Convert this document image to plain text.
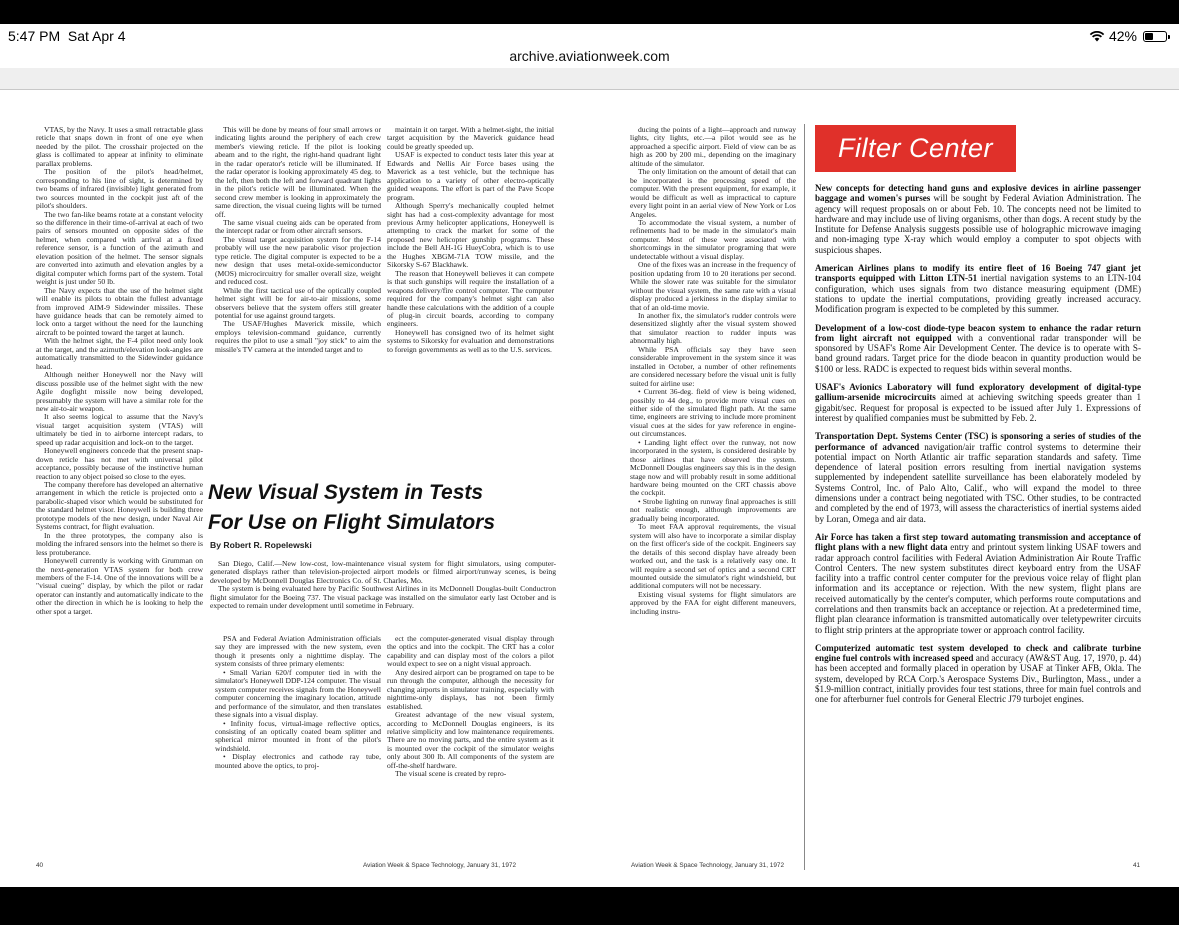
5:47 PM Sat Apr 4	42%
archive.aviationweek.com

VTAS, by the Navy. It uses a small retractable glass reticle that snaps down in front of one eye when needed by the pilot. The crosshair projected on the glass is collimated to appear at infinity to eliminate parallax problems.

The position of the pilot's head/helmet, corresponding to his line of sight, is determined by two beams of infrared (invisible) light generated from two sources mounted in the cockpit just aft of the pilot's shoulders.

The two fan-like beams rotate at a constant velocity so the difference in their time-of-arrival at each of two pairs of sensors mounted on opposite sides of the helmet, when compared with arrival at a fixed reference sensor, is a function of the azimuth and elevation position of the helmet. The sensor signals are converted into azimuth and elevation angles by a digital computer which forms part of the system. Total weight is just under 50 lb.

The Navy expects that the use of the helmet sight will enable its pilots to obtain the fullest advantage from improved AIM-9 Sidewinder missiles. These have guidance heads that can be remotely aimed to lock onto a target without the need for the launching aircraft to be pointed toward the target at launch.

With the helmet sight, the F-4 pilot need only look at the target, and the azimuth/elevation look-angles are automatically transmitted to the Sidewinder guidance head.

Although neither Honeywell nor the Navy will discuss possible use of the helmet sight with the new Agile dogfight missile now being developed, presumably the system will have a similar role for the new air-to-air weapon.

It also seems logical to assume that the Navy's visual target acquisition system (VTAS) will ultimately be tied in to airborne intercept radars, to speed up radar acquisition and lock-on to the target.

Honeywell engineers concede that the present snap-down reticle has not met with universal pilot acceptance, possibly because of the instinctive human reaction to any object poised so close to the eyes.

The company therefore has developed an alternative arrangement in which the reticle is projected onto a parabolic-shaped visor which would be substituted for the standard helmet visor. Honeywell is building three prototype models of the new design, under Naval Air Systems contract, for flight evaluation.

In the three prototypes, the company also is molding the infrared sensors into the helmet so there is less protuberance.

Honeywell currently is working with Grumman on the next-generation VTAS system for both crew members of the F-14. One of the innovations will be a "visual cueing" display, by which the pilot or radar operator can instantly and automatically indicate to the other the direction in which he is looking to help the other spot a target.

This will be done by means of four small arrows or indicating lights around the periphery of each crew member's viewing reticle. If the pilot is looking abeam and to the right, the right-hand quadrant light in the radar operator's reticle will be illuminated. If the radar operator is looking approximately 45 deg. to the left, then both the left and forward quadrant lights in the pilot's reticle will be illuminated. When the second crew member is looking in approximately the same direction, the visual cueing lights will be turned off.

The same visual cueing aids can be operated from the intercept radar or from other aircraft sensors.

The visual target acquisition system for the F-14 probably will use the new parabolic visor projection type reticle. The digital computer is expected to be a new design that uses metal-oxide-semiconductor (MOS) microcircuitry for smaller overall size, weight and reduced cost.

While the first tactical use of the optically coupled helmet sight will be for air-to-air missions, some observers believe that the system offers still greater potential for use against ground targets.

The USAF/Hughes Maverick missile, which employs television-command guidance, currently requires the pilot to use a small "joy stick" to aim the missile's TV camera at the intended target and to

maintain it on target. With a helmet-sight, the initial target acquisition by the Maverick guidance head could be greatly speeded up.

USAF is expected to conduct tests later this year at Edwards and Nellis Air Force bases using the Maverick as a test vehicle, but the technique has application to a variety of other electro-optically guided weapons. The effort is part of the Pave Scope program.

Although Sperry's mechanically coupled helmet sight has had a cost-complexity advantage for most previous Army helicopter applications, Honeywell is attempting to crack the market for some of the proposed new helicopter gunship programs. These include the Bell AH-1G HueyCobra, which is to use the Hughes XBGM-71A TOW missile, and the Sikorsky S-67 Blackhawk.

The reason that Honeywell believes it can compete is that such gunships will require the installation of a weapons delivery/fire control computer. The computer required for the company's helmet sight can also handle these calculations with the addition of a couple of plug-in circuit boards, according to company engineers.

Honeywell has consigned two of its helmet sight systems to Sikorsky for evaluation and demonstrations to foreign governments as well as to the U.S. services.

New Visual System in Tests
For Use on Flight Simulators
By Robert R. Ropelewski

San Diego, Calif.—New low-cost, low-maintenance visual system for flight simulators, using computer-generated displays rather than television-projected airport models or filmed airport/runway scenes, is being developed by McDonnell Douglas Electronics Co. of St. Charles, Mo.

The system is being evaluated here by Pacific Southwest Airlines in its McDonnell Douglas-built Conductron flight simulator for the Boeing 737. The visual package was installed on the simulator early last October and is expected to remain under development until sometime in February.

PSA and Federal Aviation Administration officials say they are impressed with the new system, even though it presents only a nighttime display. The system consists of three primary elements:

• Small Varian 620/f computer tied in with the simulator's Honeywell DDP-124 computer. The visual system computer receives signals from the Honeywell computer concerning the imaginary location, attitude and performance of the simulator, and then translates these signals into a visual display.

• Infinity focus, virtual-image reflective optics, consisting of an optically coated beam splitter and spherical mirror mounted in front of the pilot's windshield.

• Display electronics and cathode ray tube, mounted above the optics, to proj-

ect the computer-generated visual display through the optics and into the cockpit. The CRT has a color capability and can display most of the colors a pilot would expect to see on a night visual approach.

Any desired airport can be programed on tape to be run through the computer, although the necessity for changing airports in simulator training, especially with nighttime-only displays, has not been firmly established.

Greatest advantage of the new visual system, according to McDonnell Douglas engineers, is its relative simplicity and low maintenance requirements. There are no moving parts, and the entire system as it is mounted over the cockpit of the simulator weighs only about 300 lb. All components of the system are off-the-shelf hardware.

The visual scene is created by repro-

ducing the points of a light—approach and runway lights, city lights, etc.—a pilot would see as he approached a specific airport. Field of view can be as high as 200 by 200 mi., depending on the imaginary altitude of the simulator.

The only limitation on the amount of detail that can be incorporated is the processing speed of the computer. With the present equipment, for example, it would be difficult as well as impractical to capture every light point in an aerial view of New York or Los Angeles.

To accommodate the visual system, a number of refinements had to be made in the simulator's main computer. Most of these were associated with shortcomings in the simulator programing that were undetectable without a visual display.

One of the fixes was an increase in the frequency of position updating from 10 to 20 iterations per second. While the slower rate was suitable for the simulator without the visual system, the same rate with a visual display produced a jerkiness in the display similar to that of an old-time movie.

In another fix, the simulator's rudder controls were desensitized slightly after the visual system showed that simulator reaction to rudder inputs was abnormally high.

While PSA officials say they have seen considerable improvement in the system since it was installed in October, a number of other refinements are considered necessary before the visual unit is fully suited for airline use:

• Current 36-deg. field of view is being widened, possibly to 44 deg., to provide more visual cues on either side of the simulated flight path. At the same time, engineers are striving to include more prominent visual cues at the sides for yaw reference in engine-out circumstances.

• Landing light effect over the runway, not now incorporated in the system, is considered desirable by those airlines that have observed the system. McDonnell Douglas engineers say this is in the design stage now and will probably result in some additional hardware being mounted on the CRT chassis above the cockpit.

• Strobe lighting on runway final approaches is still not realistic enough, although improvements are gradually being incorporated.

To meet FAA approval requirements, the visual system will also have to incorporate a similar display on the first officer's side of the cockpit. Engineers say the details of this second display have already been worked out, and the task is a relatively easy one. It will require a second set of optics and a second CRT mounted outside the simulator's right windshield, but additional computers will not be necessary.

Existing visual systems for flight simulators are approved by the FAA for eight different maneuvers, including instru-

Filter Center

New concepts for detecting hand guns and explosive devices in airline passenger baggage and women's purses will be sought by Federal Aviation Administration. The agency will request proposals on or about Feb. 10. The concepts need not be limited to hardware and may include use of living organisms, other than dogs. A recent study by the Institute for Defense Analysis suggests possible use of holographic microwave imaging and non-imaging type X-ray which would employ a computer to spot objects with suspicious shapes.

American Airlines plans to modify its entire fleet of 16 Boeing 747 giant jet transports equipped with Litton LTN-51 inertial navigation systems to an LTN-104 configuration, which uses signals from two distance measuring equipment (DME) stations to update the inertial computations, providing greatly increased accuracy. Modification program is expected to be completed by this summer.

Development of a low-cost diode-type beacon system to enhance the radar return from light aircraft not equipped with a conventional radar transponder will be sponsored by USAF's Rome Air Development Center. The device is to operate with S-band ground radars. Target price for the diode beacon in quantity production would be $100 or less. RADC is expected to request bids within several months.

USAF's Avionics Laboratory will fund exploratory development of digital-type gallium-arsenide microcircuits aimed at achieving switching speeds greater than 1 gigabit/sec. Request for proposal is expected to be issued after July 1. Expressions of interest by qualified companies must be submitted by Feb. 2.

Transportation Dept. Systems Center (TSC) is sponsoring a series of studies of the performance of advanced navigation/air traffic control systems to determine their potential impact on North Atlantic air traffic separation standards and safety. Time dependence of lateral position errors resulting from inertial navigation systems supplemented by independent satellite surveillance has been elaborately modeled by Systems Control, Inc. of Palo Alto, Calif., who will expand the model to three dimensions under a contract being negotiated with TSC. Other studies, to be contracted and completed by the end of 1973, will assess the characteristics of inertial systems aided by Loran, Omega and air data.

Air Force has taken a first step toward automating transmission and acceptance of flight plans with a new flight data entry and printout system linking USAF towers and radar approach control facilities with Federal Aviation Administration Air Route Traffic Control Centers. The new system substitutes direct keyboard entry from the USAF facility into a traffic control center computer for the previous voice relay of flight plan information and its acceptance or rejection. With the new system, flight plans are received automatically by the center's computer, which performs route computations and correlations and then transmits back an acceptance or rejection. At a predetermined time, flight plan clearance information is transmitted automatically over teletypewriter circuits to flight strip printers at the appropriate tower or approach control facility.

Computerized automatic test system developed to check and calibrate turbine engine fuel controls with increased speed and accuracy (AW&ST Aug. 17, 1970, p. 44) has been accepted and formally placed in operation by USAF at Tinker AFB, Okla. The system, developed by RCA Corp.'s Aerospace Systems Div., Burlington, Mass., under a $1.9-million contract, initially provides four test stations, three for main fuel controls and one for afterburner fuel controls for General Electric J79 turbojet engines.

40	Aviation Week & Space Technology, January 31, 1972	Aviation Week & Space Technology, January 31, 1972	41
